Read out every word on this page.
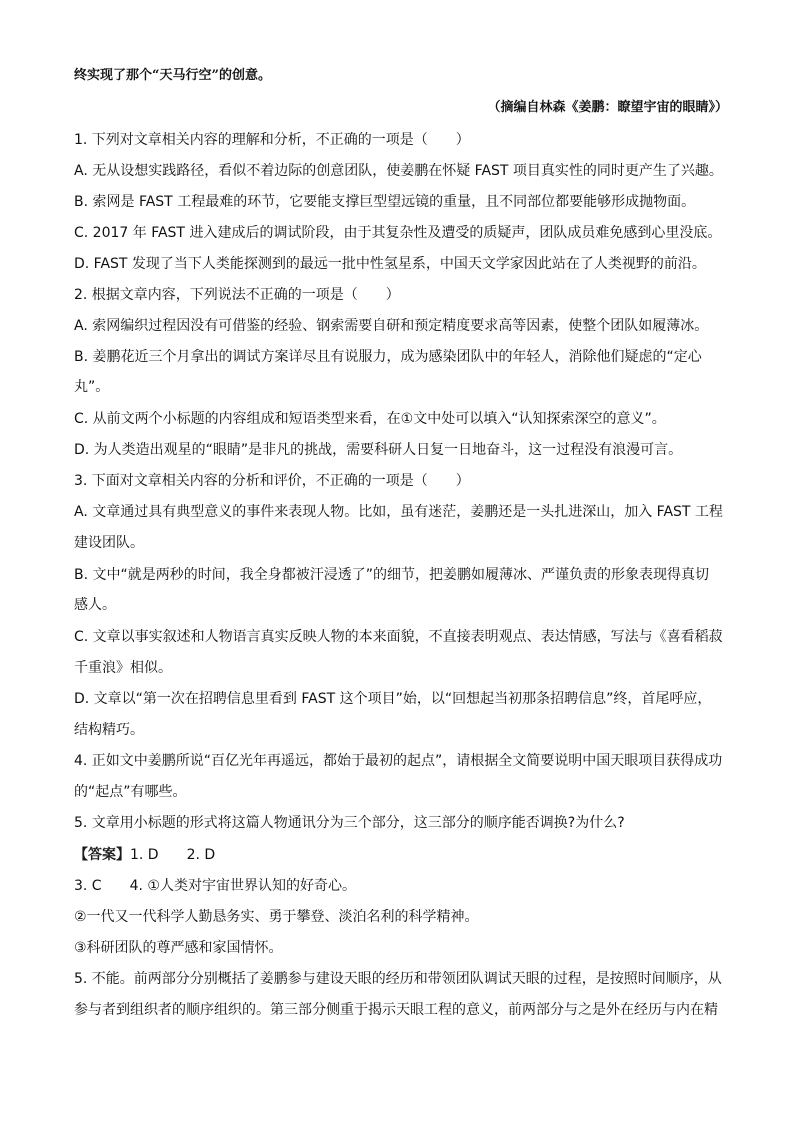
终实现了那个“天马行空”的创意。
（摘编自林森《姜鹏：瞭望宇宙的眼睛》）
1. 下列对文章相关内容的理解和分析，不正确的一项是（　　）
A. 无从设想实践路径，看似不着边际的创意团队，使姜鹏在怀疑 FAST 项目真实性的同时更产生了兴趣。
B. 索网是 FAST 工程最难的环节，它要能支撑巨型望远镜的重量，且不同部位都要能够形成抛物面。
C. 2017 年 FAST 进入建成后的调试阶段，由于其复杂性及遭受的质疑声，团队成员难免感到心里没底。
D. FAST 发现了当下人类能探测到的最远一批中性氢星系，中国天文学家因此站在了人类视野的前沿。
2. 根据文章内容，下列说法不正确的一项是（　　）
A. 索网编织过程因没有可借鉴的经验、钢索需要自研和预定精度要求高等因素，使整个团队如履薄冰。
B. 姜鹏花近三个月拿出的调试方案详尽且有说服力，成为感染团队中的年轻人，消除他们疑虑的“定心
丸”。
C. 从前文两个小标题的内容组成和短语类型来看，在①文中处可以填入“认知探索深空的意义”。
D. 为人类造出观星的“眼睛”是非凡的挑战，需要科研人日复一日地奋斗，这一过程没有浪漫可言。
3. 下面对文章相关内容的分析和评价，不正确的一项是（　　）
A. 文章通过具有典型意义的事件来表现人物。比如，虽有迷茫，姜鹏还是一头扎进深山，加入 FAST 工程
建设团队。
B. 文中“就是两秒的时间，我全身都被汗浸透了”的细节，把姜鹏如履薄冰、严谨负责的形象表现得真切
感人。
C. 文章以事实叙述和人物语言真实反映人物的本来面貌，不直接表明观点、表达情感，写法与《喜看稻菽
千重浪》相似。
D. 文章以“第一次在招聘信息里看到 FAST 这个项目”始，以“回想起当初那条招聘信息”终，首尾呼应，
结构精巧。
4. 正如文中姜鹏所说“百亿光年再遥远，都始于最初的起点”，请根据全文简要说明中国天眼项目获得成功
的“起点”有哪些。
5. 文章用小标题的形式将这篇人物通讯分为三个部分，这三部分的顺序能否调换?为什么?
【答案】1. D　　2. D
3. C　　4. ①人类对宇宙世界认知的好奇心。
②一代又一代科学人勤恳务实、勇于攀登、淡泊名利的科学精神。
③科研团队的尊严感和家国情怀。
5. 不能。前两部分分别概括了姜鹏参与建设天眼的经历和带领团队调试天眼的过程，是按照时间顺序，从
参与者到组织者的顺序组织的。第三部分侧重于揭示天眼工程的意义，前两部分与之是外在经历与内在精
